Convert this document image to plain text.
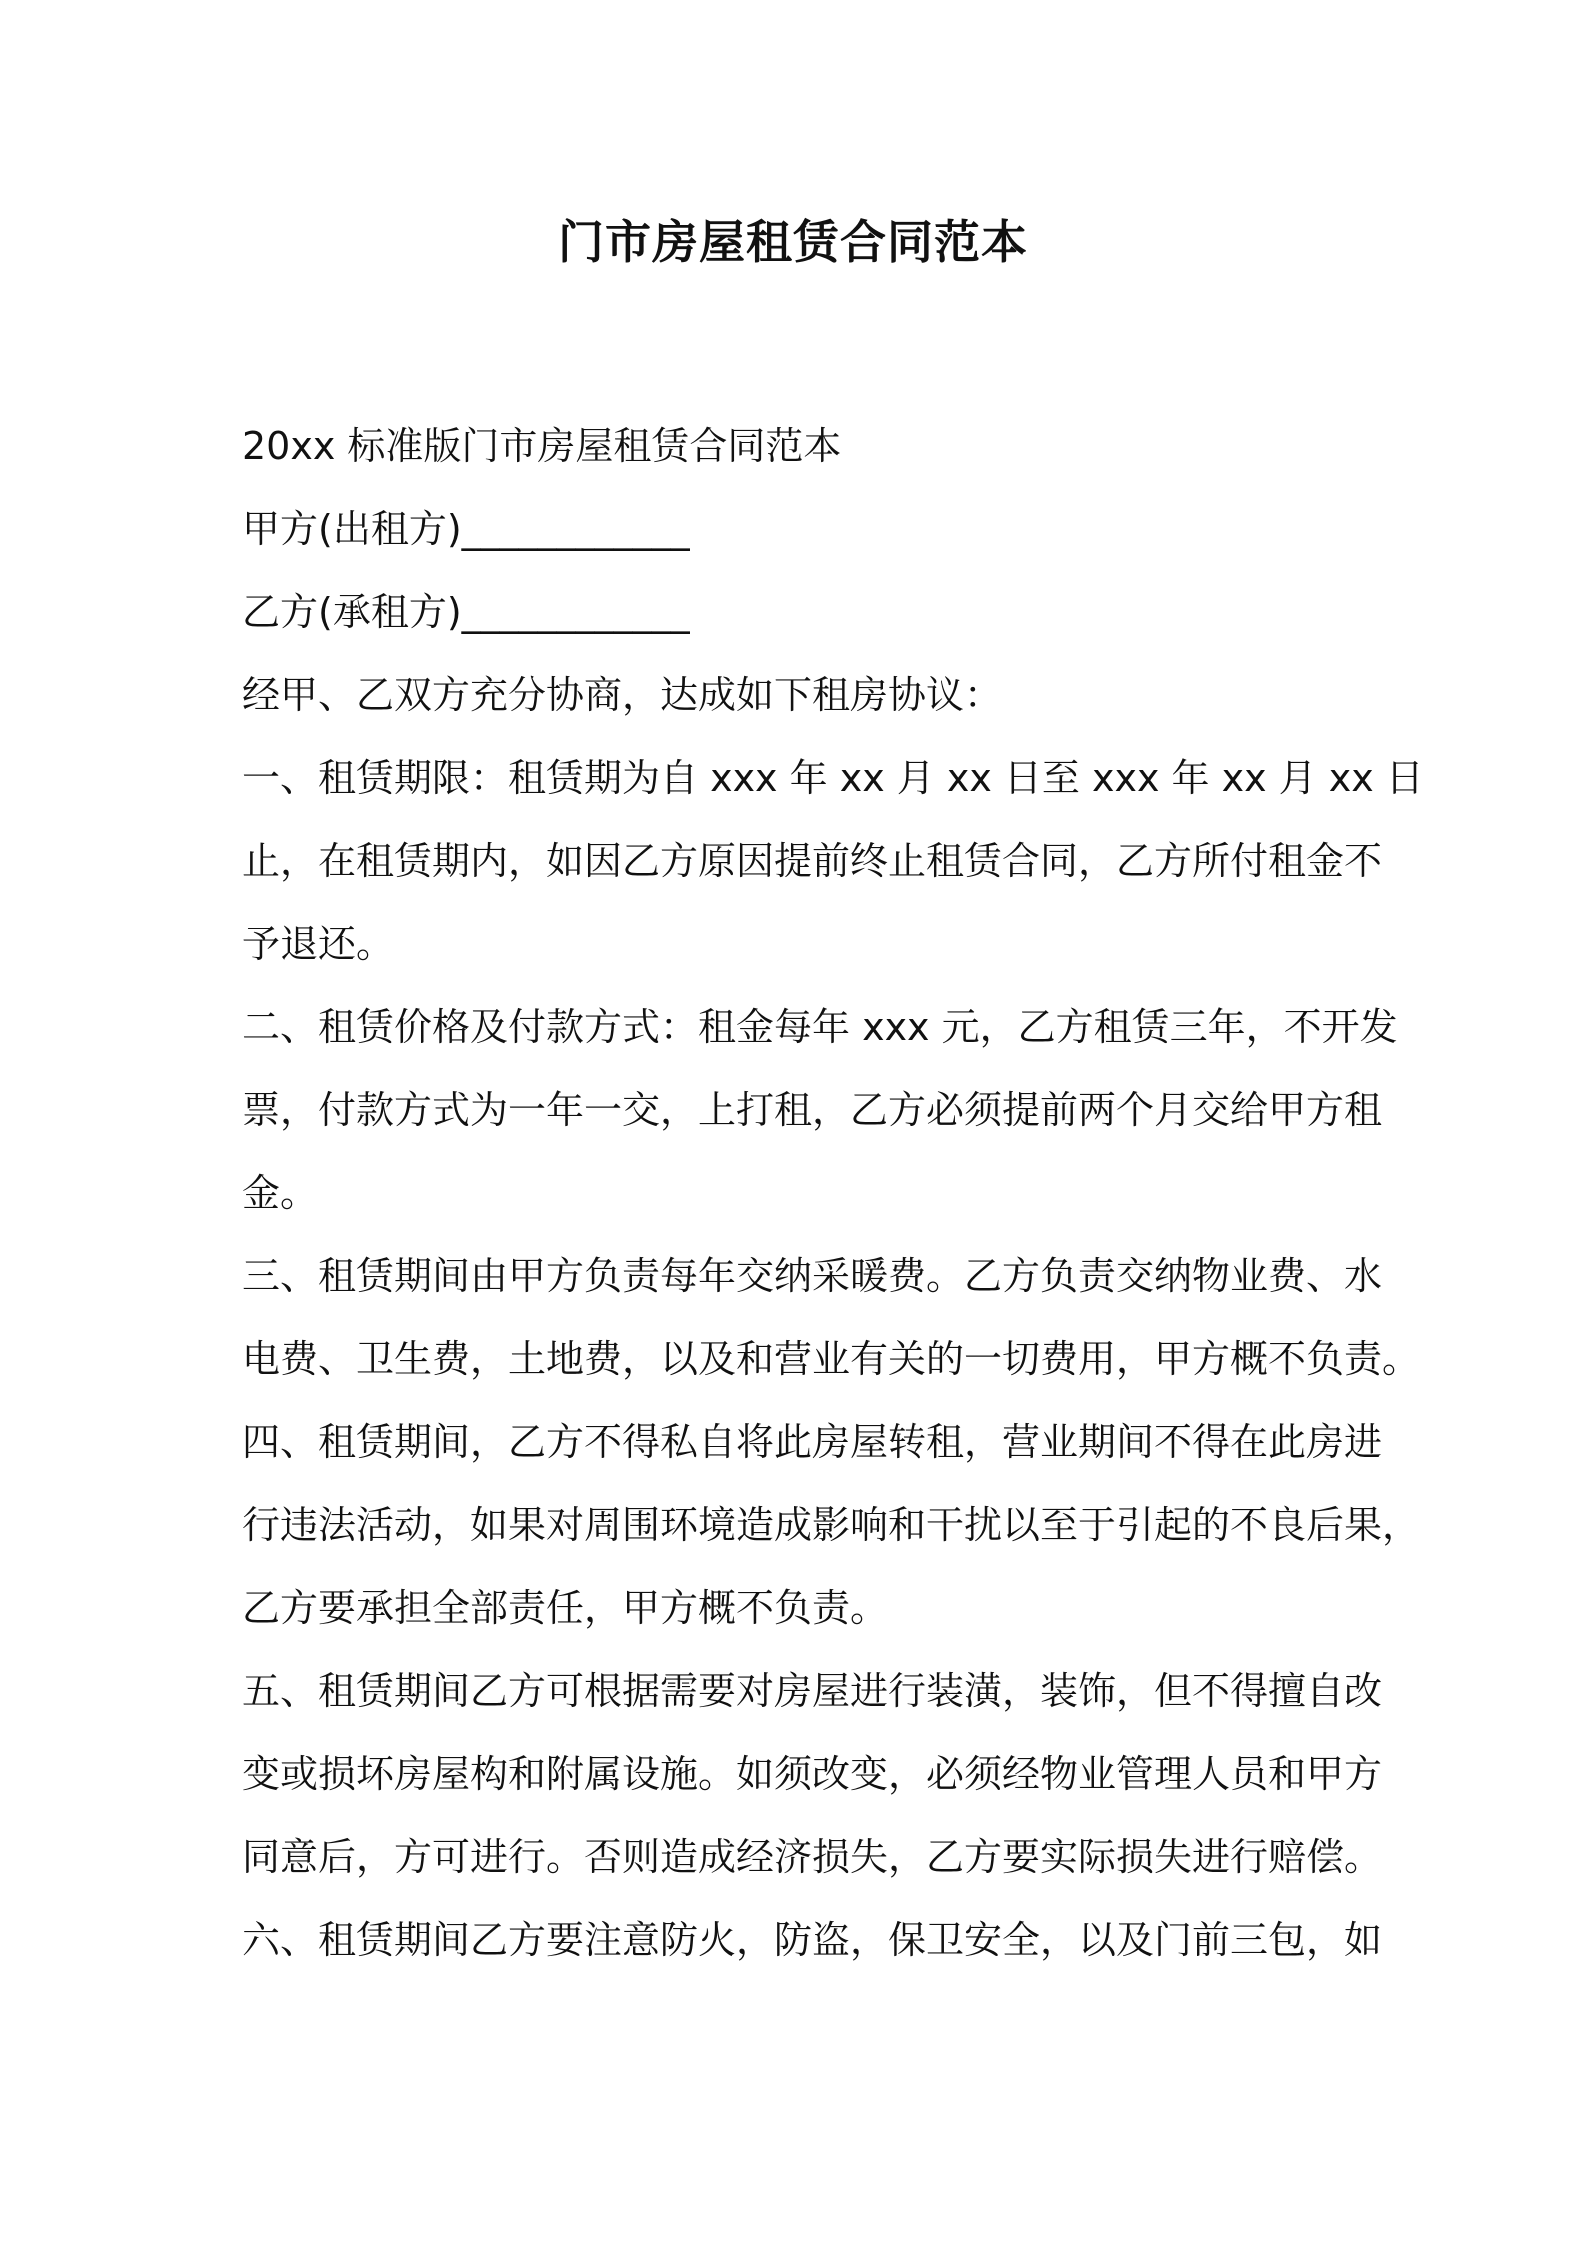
门市房屋租赁合同范本
20xx 标准版门市房屋租赁合同范本
甲方(出租方)____________
乙方(承租方)____________
经甲、乙双方充分协商，达成如下租房协议：
一、租赁期限：租赁期为自 xxx 年 xx 月 xx 日至 xxx 年 xx 月 xx 日
止，在租赁期内，如因乙方原因提前终止租赁合同，乙方所付租金不
予退还。
二、租赁价格及付款方式：租金每年 xxx 元，乙方租赁三年，不开发
票，付款方式为一年一交，上打租，乙方必须提前两个月交给甲方租
金。
三、租赁期间由甲方负责每年交纳采暖费。乙方负责交纳物业费、水
电费、卫生费，土地费，以及和营业有关的一切费用，甲方概不负责。
四、租赁期间，乙方不得私自将此房屋转租，营业期间不得在此房进
行违法活动，如果对周围环境造成影响和干扰以至于引起的不良后果，
乙方要承担全部责任，甲方概不负责。
五、租赁期间乙方可根据需要对房屋进行装潢，装饰，但不得擅自改
变或损坏房屋构和附属设施。如须改变，必须经物业管理人员和甲方
同意后，方可进行。否则造成经济损失，乙方要实际损失进行赔偿。
六、租赁期间乙方要注意防火，防盗，保卫安全，以及门前三包，如
